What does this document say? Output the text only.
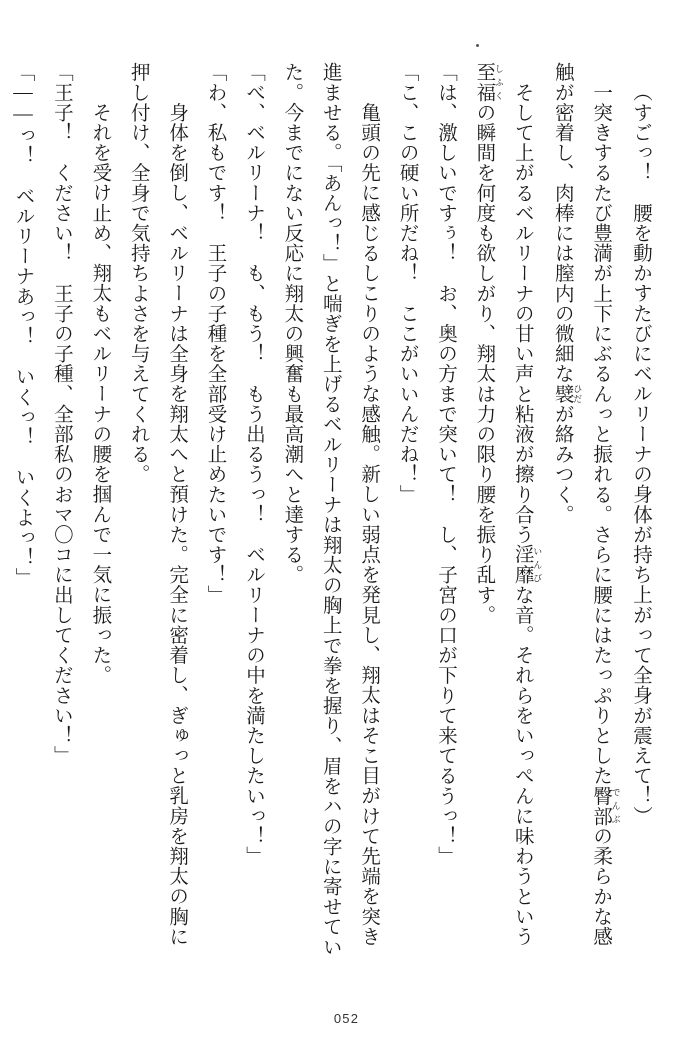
（すごっ！　腰を動かすたびにベルリーナの身体が持ち上がって全身が震えて！）

　一突きするたび豊満が上下にぶるんっと振れる。さらに腰にはたっぷりとした臀部 でんぶの柔らかな感触が密着し、肉棒には膣内の微細な襞 ひだが絡みつく。

　そして上がるベルリーナの甘い声と粘液が擦り合う淫靡 いんびな音。それらをいっぺんに味わうという至福 しふくの瞬間を何度も欲しがり、翔太は力の限り腰を振り乱す。

「は、激しいですぅ！　お、奥の方まで突いて！　し、子宮の口が下りて来てるうっ！」

「こ、この硬い所だね！　ここがいいんだね！」

　亀頭の先に感じるしこりのような感触。新しい弱点を発見し、翔太はそこ目がけて先端を突き進ませる。「あんっ！」と喘ぎを上げるベルリーナは翔太の胸上で拳を握り、眉をハの字に寄せていた。今までにない反応に翔太の興奮も最高潮へと達する。

「べ、ベルリーナ！　も、もう！　もう出るうっ！　ベルリーナの中を満たしたいっ！」

「わ、私もです！　王子の子種を全部受け止めたいです！」

　身体を倒し、ベルリーナは全身を翔太へと預けた。完全に密着し、ぎゅっと乳房を翔太の胸に押し付け、全身で気持ちよさを与えてくれる。

　それを受け止め、翔太もベルリーナの腰を掴んで一気に振った。

「王子！　ください！　王子の子種、全部私のおマ〇コに出してください！」

「――っ！　ベルリーナあっ！　いくっ！　いくよっ！」

052
